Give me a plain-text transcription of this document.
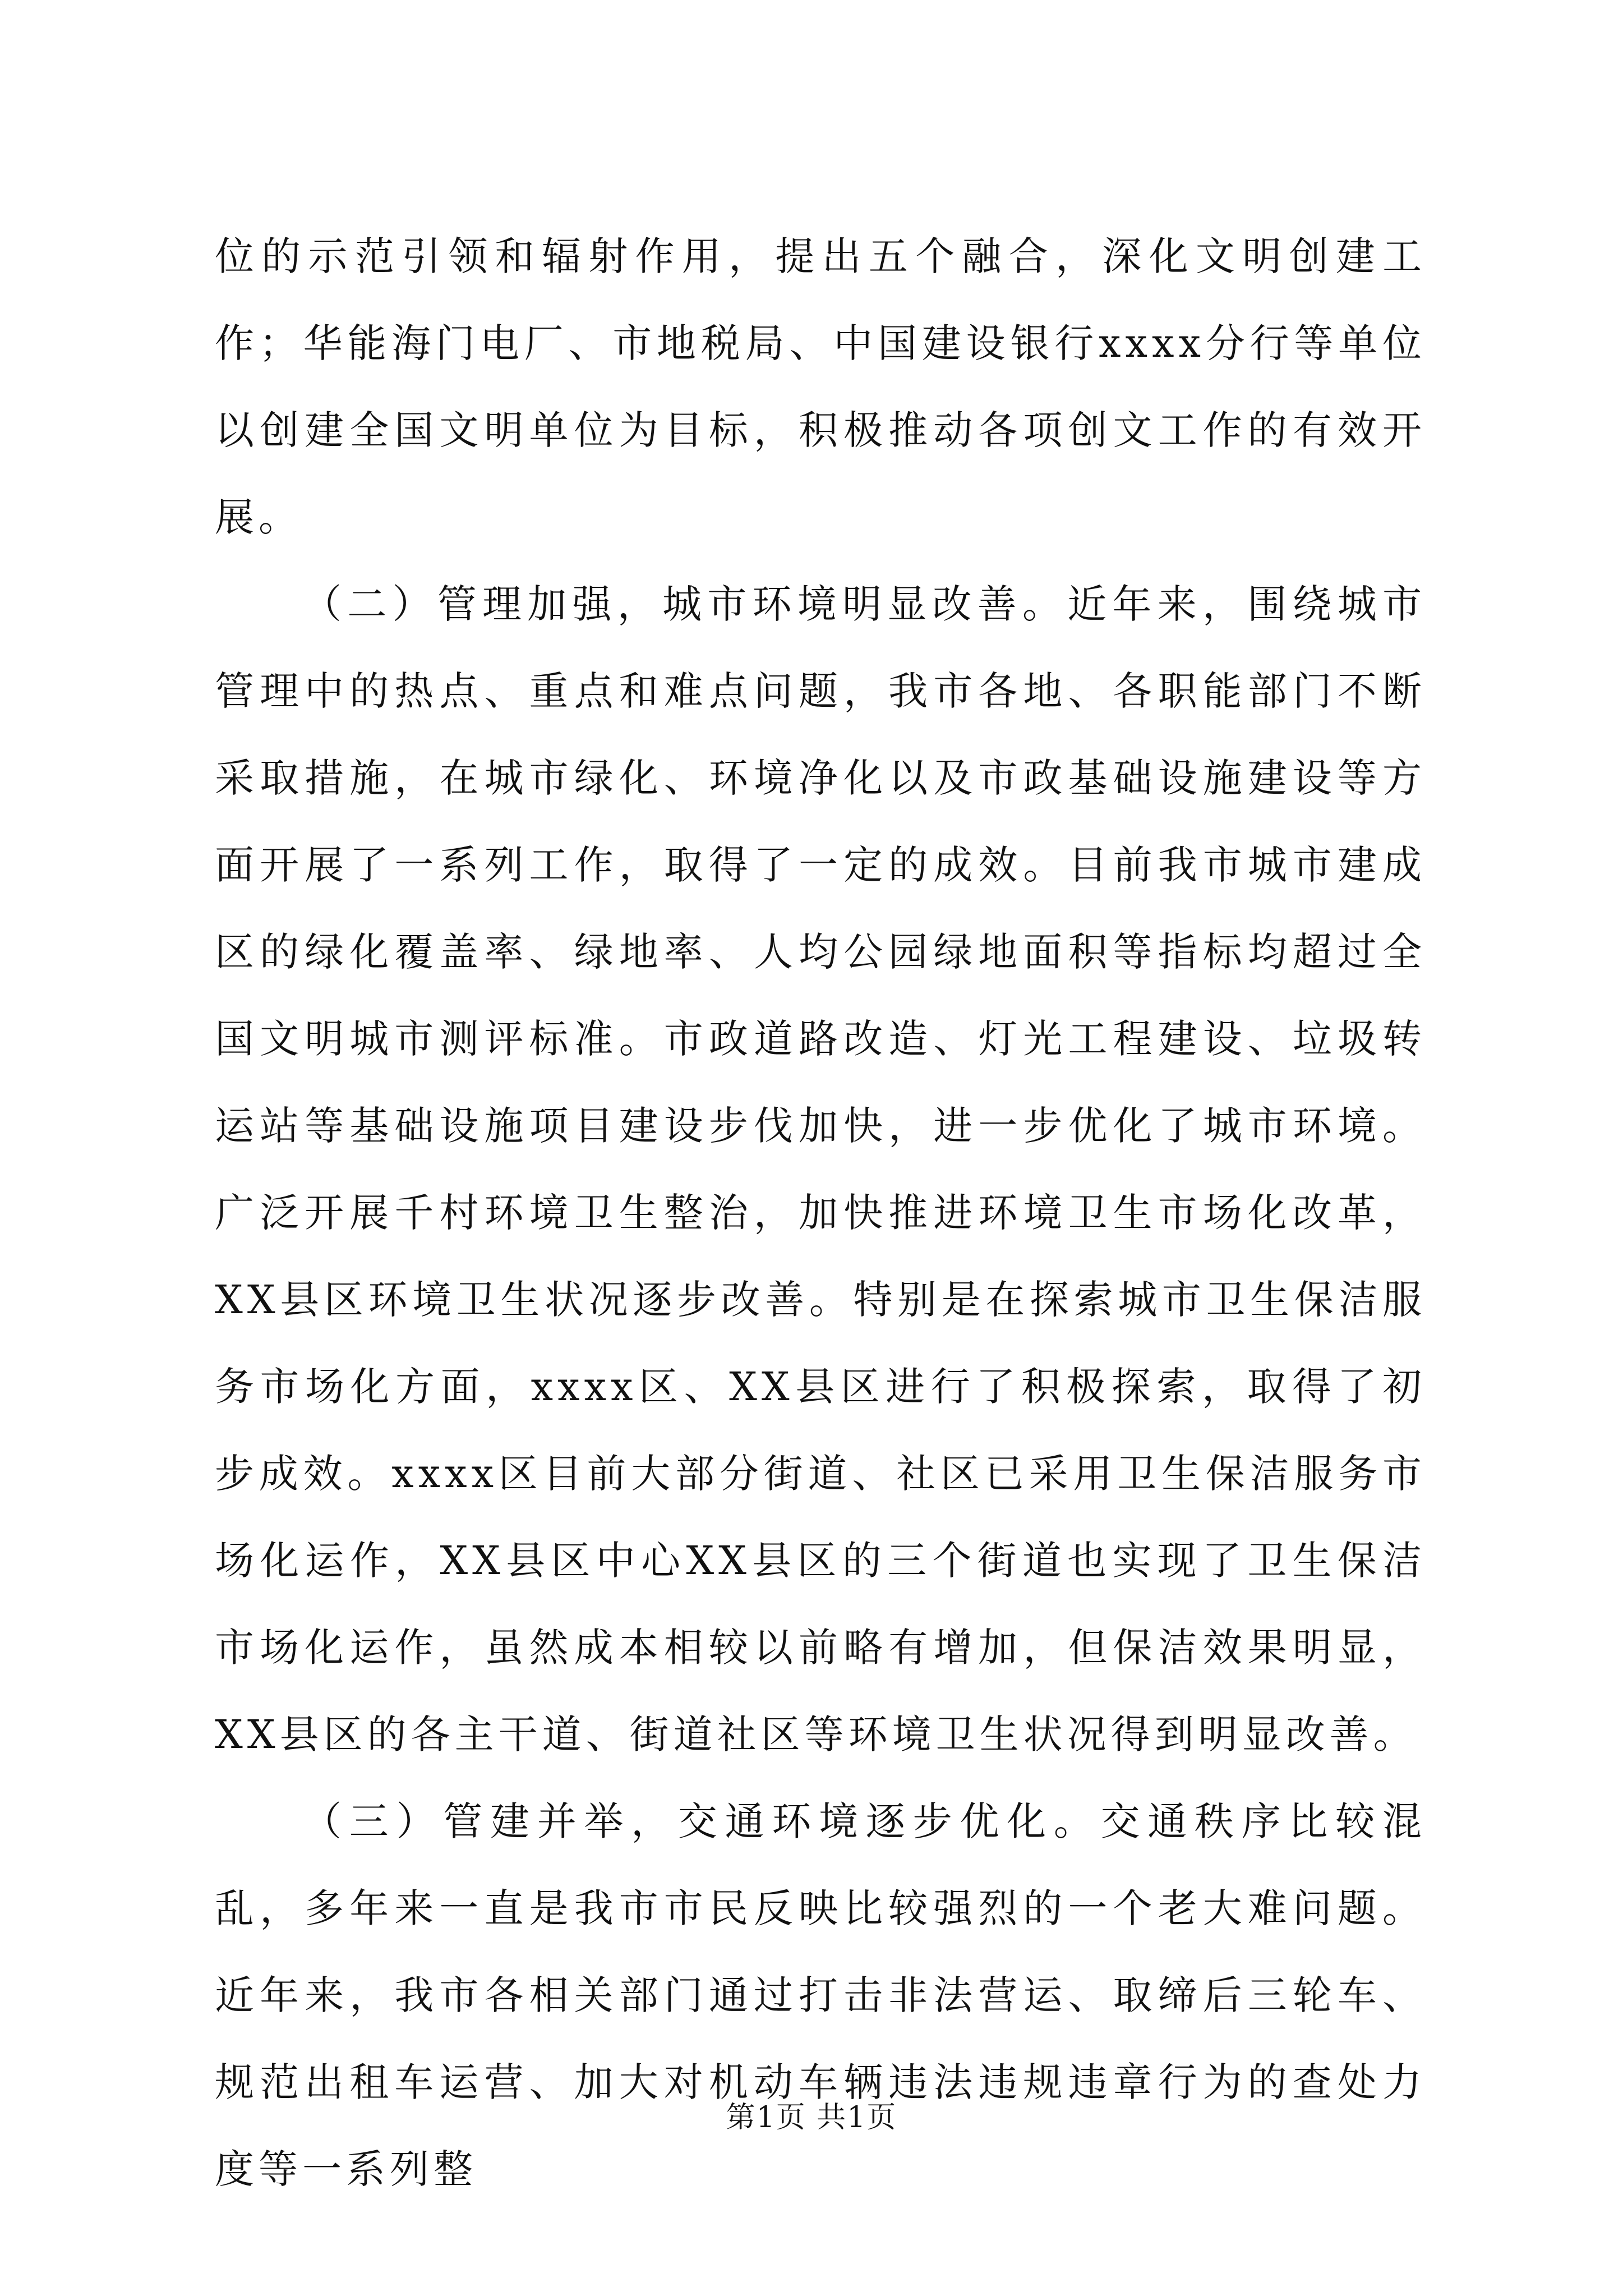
位的示范引领和辐射作用，提出五个融合，深化文明创建工作；华能海门电厂、市地税局、中国建设银行xxxx分行等单位以创建全国文明单位为目标，积极推动各项创文工作的有效开展。

（二）管理加强，城市环境明显改善。近年来，围绕城市管理中的热点、重点和难点问题，我市各地、各职能部门不断采取措施，在城市绿化、环境净化以及市政基础设施建设等方面开展了一系列工作，取得了一定的成效。目前我市城市建成区的绿化覆盖率、绿地率、人均公园绿地面积等指标均超过全国文明城市测评标准。市政道路改造、灯光工程建设、垃圾转运站等基础设施项目建设步伐加快，进一步优化了城市环境。广泛开展千村环境卫生整治，加快推进环境卫生市场化改革，XX县区环境卫生状况逐步改善。特别是在探索城市卫生保洁服务市场化方面，xxxx区、XX县区进行了积极探索，取得了初步成效。xxxx区目前大部分街道、社区已采用卫生保洁服务市场化运作，XX县区中心XX县区的三个街道也实现了卫生保洁市场化运作，虽然成本相较以前略有增加，但保洁效果明显，XX县区的各主干道、街道社区等环境卫生状况得到明显改善。

（三）管建并举，交通环境逐步优化。交通秩序比较混乱，多年来一直是我市市民反映比较强烈的一个老大难问题。近年来，我市各相关部门通过打击非法营运、取缔后三轮车、规范出租车运营、加大对机动车辆违法违规违章行为的查处力度等一系列整

第1页 共1页
